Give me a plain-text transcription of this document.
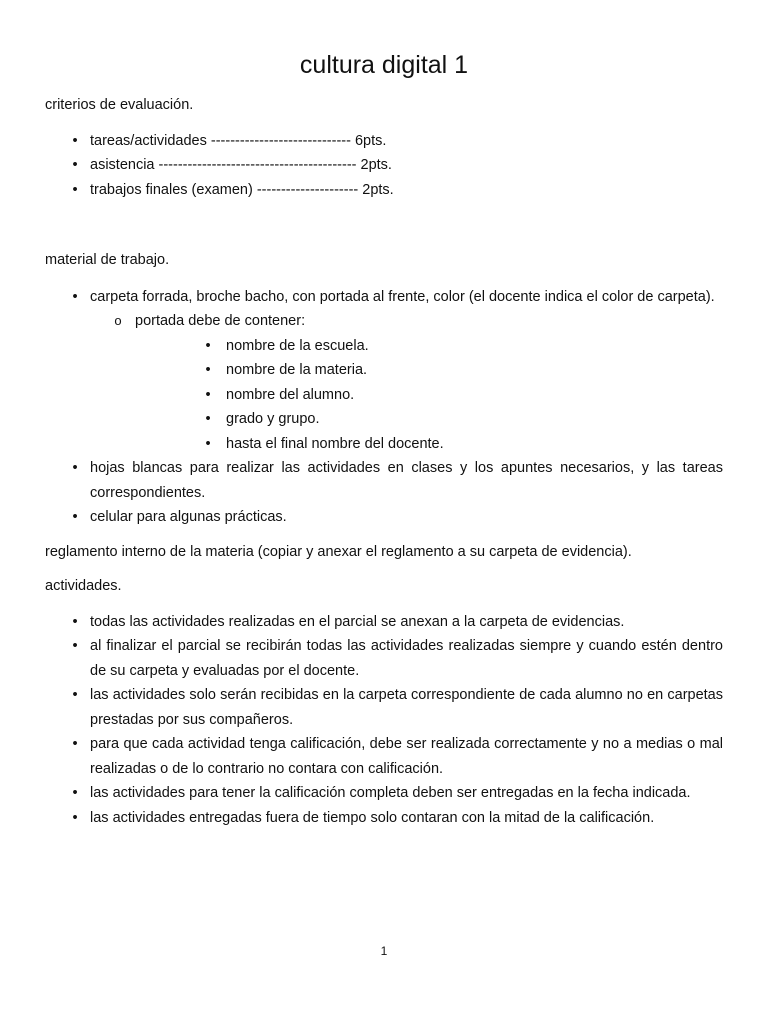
cultura digital 1

criterios de evaluación.

• tareas/actividades ----------------------------- 6pts.
• asistencia ----------------------------------------- 2pts.
• trabajos finales (examen) --------------------- 2pts.

material de trabajo.

• carpeta forrada, broche bacho, con portada al frente, color (el docente indica el color de carpeta).
o portada debe de contener:
• nombre de la escuela.
• nombre de la materia.
• nombre del alumno.
• grado y grupo.
• hasta el final nombre del docente.
• hojas blancas para realizar las actividades en clases y los apuntes necesarios, y las tareas correspondientes.
• celular para algunas prácticas.

reglamento interno de la materia (copiar y anexar el reglamento a su carpeta de evidencia).

actividades.

• todas las actividades realizadas en el parcial se anexan a la carpeta de evidencias.
• al finalizar el parcial se recibirán todas las actividades realizadas siempre y cuando estén dentro de su carpeta y evaluadas por el docente.
• las actividades solo serán recibidas en la carpeta correspondiente de cada alumno no en carpetas prestadas por sus compañeros.
• para que cada actividad tenga calificación, debe ser realizada correctamente y no a medias o mal realizadas o de lo contrario no contara con calificación.
• las actividades para tener la calificación completa deben ser entregadas en la fecha indicada.
• las actividades entregadas fuera de tiempo solo contaran con la mitad de la calificación.
1
